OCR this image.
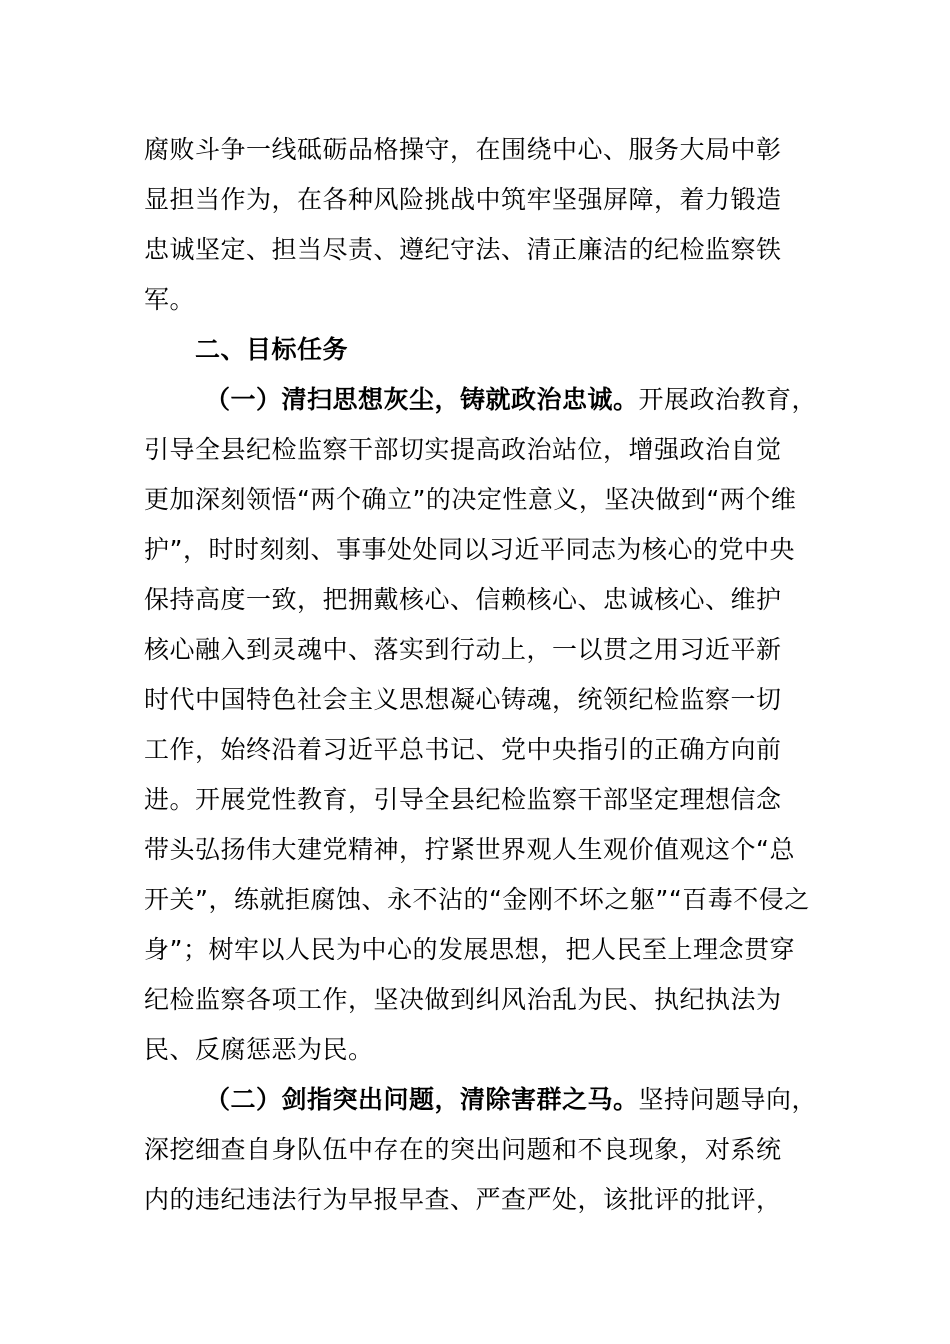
腐败斗争一线砥砺品格操守，在围绕中心、服务大局中彰
显担当作为，在各种风险挑战中筑牢坚强屏障，着力锻造
忠诚坚定、担当尽责、遵纪守法、清正廉洁的纪检监察铁
军。
二、目标任务
（一）清扫思想灰尘，铸就政治忠诚。开展政治教育，
引导全县纪检监察干部切实提高政治站位，增强政治自觉
更加深刻领悟“两个确立”的决定性意义，坚决做到“两个维
护”，时时刻刻、事事处处同以习近平同志为核心的党中央
保持高度一致，把拥戴核心、信赖核心、忠诚核心、维护
核心融入到灵魂中、落实到行动上，一以贯之用习近平新
时代中国特色社会主义思想凝心铸魂，统领纪检监察一切
工作，始终沿着习近平总书记、党中央指引的正确方向前
进。开展党性教育，引导全县纪检监察干部坚定理想信念
带头弘扬伟大建党精神，拧紧世界观人生观价值观这个“总
开关”，练就拒腐蚀、永不沾的“金刚不坏之躯”“百毒不侵之
身”；树牢以人民为中心的发展思想，把人民至上理念贯穿
纪检监察各项工作，坚决做到纠风治乱为民、执纪执法为
民、反腐惩恶为民。
（二）剑指突出问题，清除害群之马。坚持问题导向，
深挖细查自身队伍中存在的突出问题和不良现象，对系统
内的违纪违法行为早报早查、严查严处，该批评的批评，
